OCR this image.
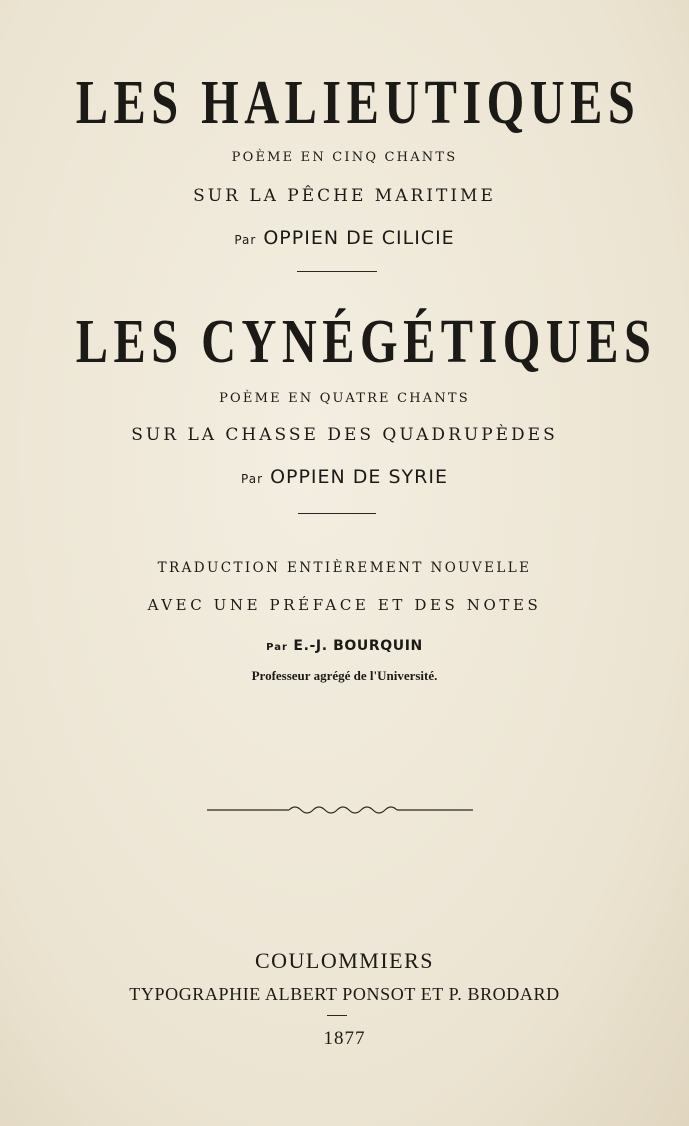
LES HALIEUTIQUES
POÈME EN CINQ CHANTS
SUR LA PÊCHE MARITIME
Par OPPIEN DE CILICIE
LES CYNÉGÉTIQUES
POÈME EN QUATRE CHANTS
SUR LA CHASSE DES QUADRUPÈDES
Par OPPIEN DE SYRIE
TRADUCTION ENTIÈREMENT NOUVELLE
AVEC UNE PRÉFACE ET DES NOTES
Par E.-J. BOURQUIN
Professeur agrégé de l'Université.
COULOMMIERS
TYPOGRAPHIE ALBERT PONSOT ET P. BRODARD
1877
